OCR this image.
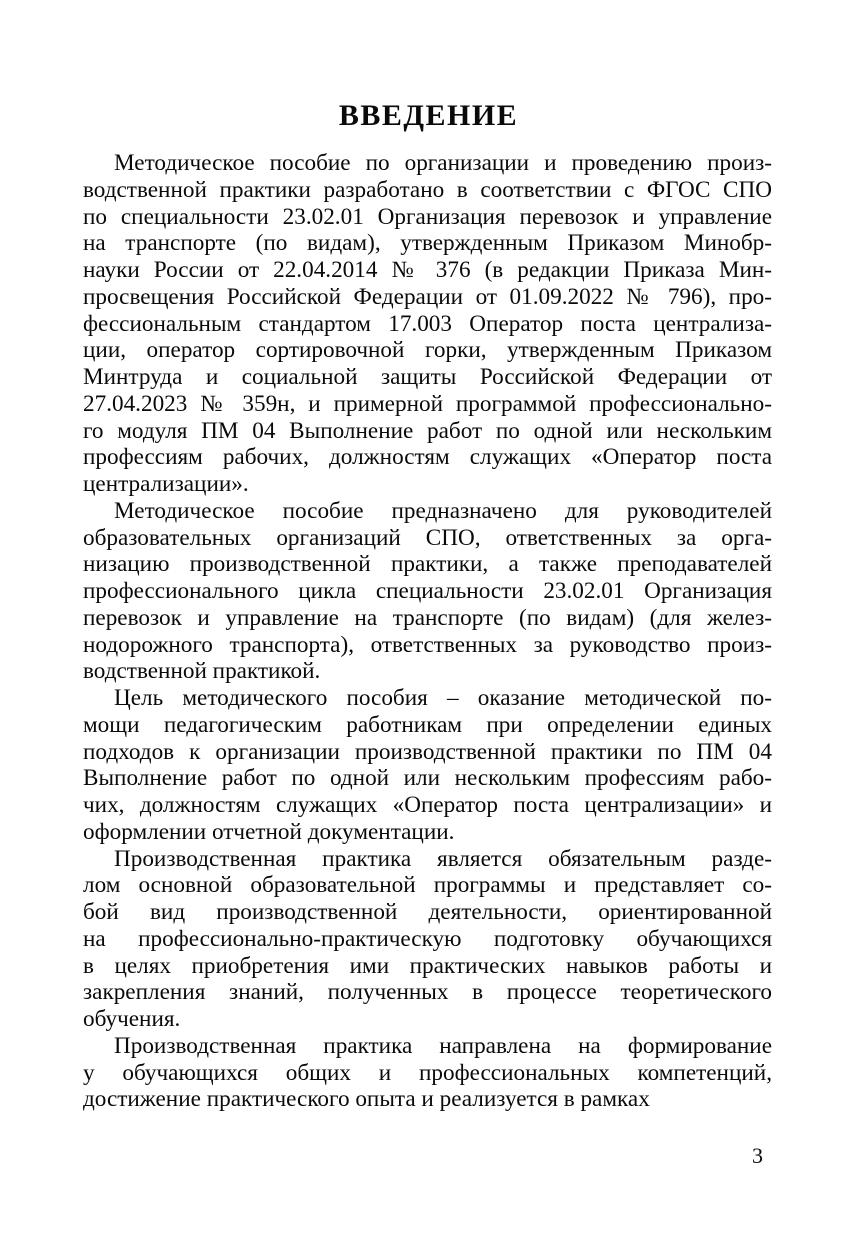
ВВЕДЕНИЕ
Методическое пособие по организации и проведению произ-
водственной практики разработано в соответствии с ФГОС СПО
по специальности 23.02.01 Организация перевозок и управление
на транспорте (по видам), утвержденным Приказом Минобр-
науки России от 22.04.2014 № 376 (в редакции Приказа Мин-
просвещения Российской Федерации от 01.09.2022 № 796), про-
фессиональным стандартом 17.003 Оператор поста централиза-
ции, оператор сортировочной горки, утвержденным Приказом
Минтруда и социальной защиты Российской Федерации от
27.04.2023 № 359н, и примерной программой профессионально-
го модуля ПМ 04 Выполнение работ по одной или нескольким
профессиям рабочих, должностям служащих «Оператор поста
централизации».
Методическое пособие предназначено для руководителей
образовательных организаций СПО, ответственных за орга-
низацию производственной практики, а также преподавателей
профессионального цикла специальности 23.02.01 Организация
перевозок и управление на транспорте (по видам) (для желез-
нодорожного транспорта), ответственных за руководство произ-
водственной практикой.
Цель методического пособия – оказание методической по-
мощи педагогическим работникам при определении единых
подходов к организации производственной практики по ПМ 04
Выполнение работ по одной или нескольким профессиям рабо-
чих, должностям служащих «Оператор поста централизации» и
оформлении отчетной документации.
Производственная практика является обязательным разде-
лом основной образовательной программы и представляет со-
бой вид производственной деятельности, ориентированной
на профессионально-практическую подготовку обучающихся
в целях приобретения ими практических навыков работы и
закрепления знаний, полученных в процессе теоретического
обучения.
Производственная практика направлена на формирование
у обучающихся общих и профессиональных компетенций,
достижение практического опыта и реализуется в рамках
3
